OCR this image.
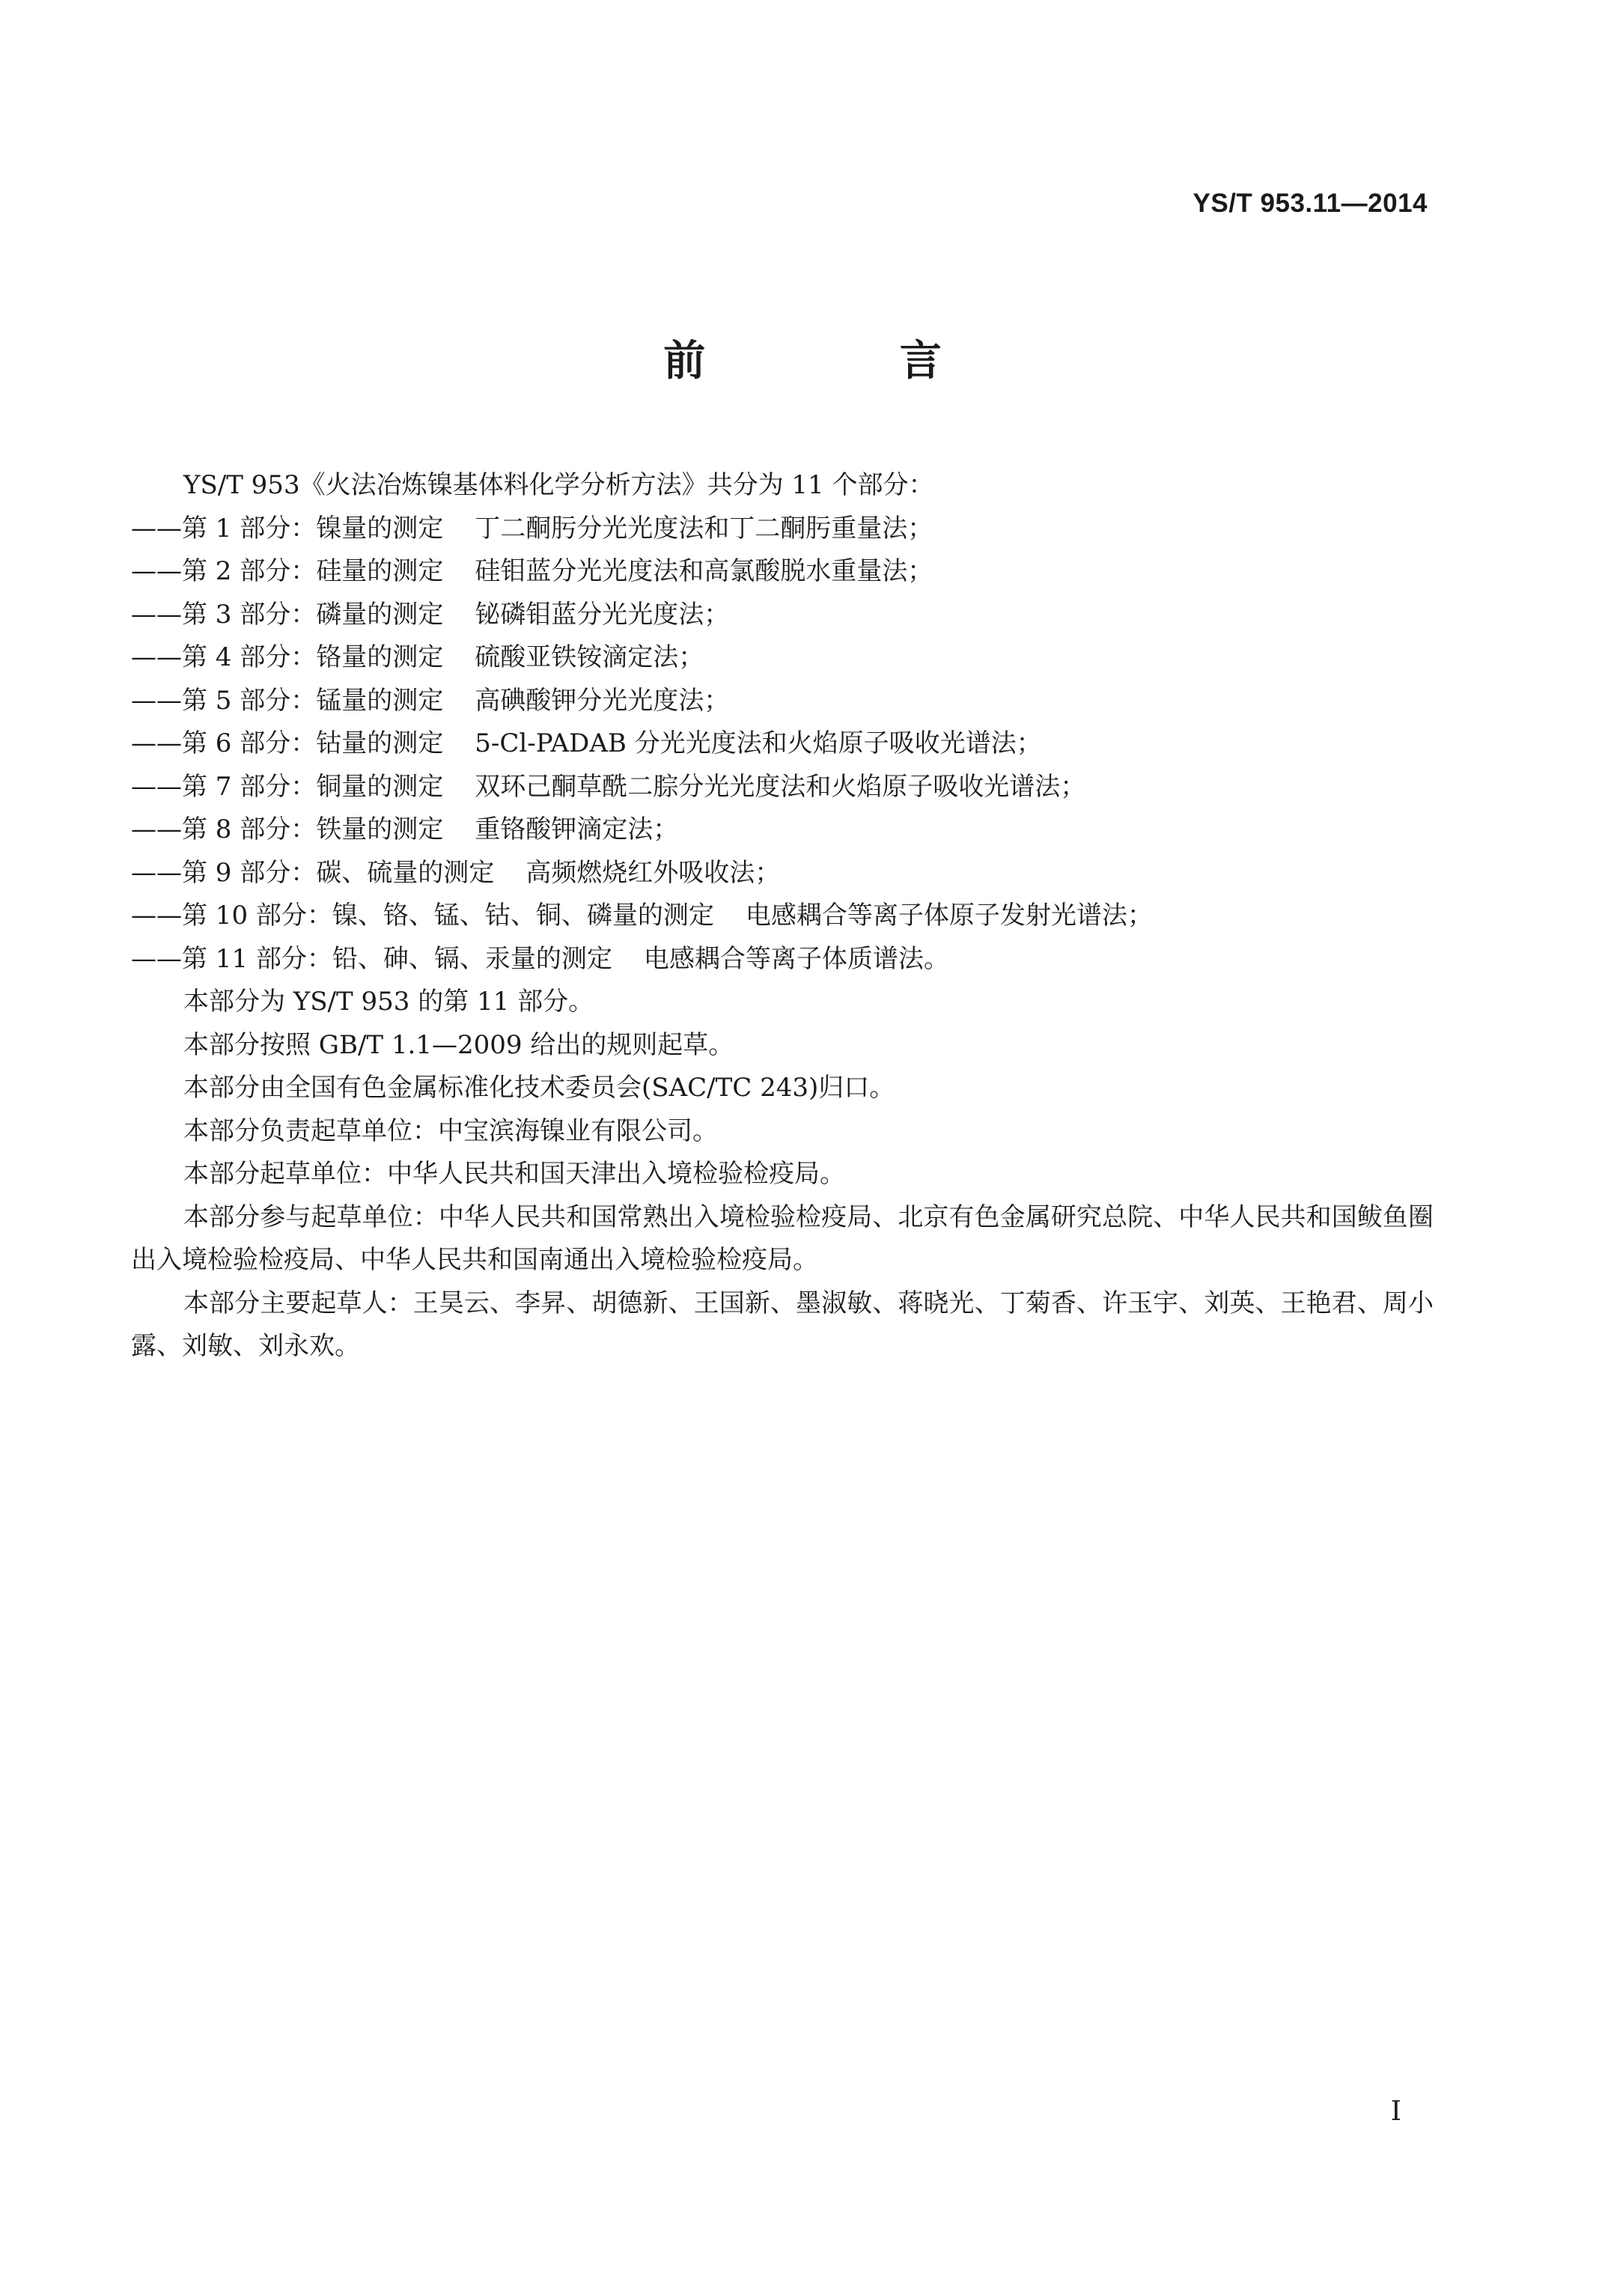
YS/T 953.11—2014
前 言
YS/T 953《火法冶炼镍基体料化学分析方法》共分为 11 个部分：
——第 1 部分：镍量的测定 丁二酮肟分光光度法和丁二酮肟重量法；
——第 2 部分：硅量的测定 硅钼蓝分光光度法和高氯酸脱水重量法；
——第 3 部分：磷量的测定 铋磷钼蓝分光光度法；
——第 4 部分：铬量的测定 硫酸亚铁铵滴定法；
——第 5 部分：锰量的测定 高碘酸钾分光光度法；
——第 6 部分：钴量的测定 5-Cl-PADAB 分光光度法和火焰原子吸收光谱法；
——第 7 部分：铜量的测定 双环己酮草酰二腙分光光度法和火焰原子吸收光谱法；
——第 8 部分：铁量的测定 重铬酸钾滴定法；
——第 9 部分：碳、硫量的测定 高频燃烧红外吸收法；
——第 10 部分：镍、铬、锰、钴、铜、磷量的测定 电感耦合等离子体原子发射光谱法；
——第 11 部分：铅、砷、镉、汞量的测定 电感耦合等离子体质谱法。
本部分为 YS/T 953 的第 11 部分。
本部分按照 GB/T 1.1—2009 给出的规则起草。
本部分由全国有色金属标准化技术委员会(SAC/TC 243)归口。
本部分负责起草单位：中宝滨海镍业有限公司。
本部分起草单位：中华人民共和国天津出入境检验检疫局。
本部分参与起草单位：中华人民共和国常熟出入境检验检疫局、北京有色金属研究总院、中华人民共和国鲅鱼圈出入境检验检疫局、中华人民共和国南通出入境检验检疫局。
本部分主要起草人：王昊云、李昇、胡德新、王国新、墨淑敏、蒋晓光、丁菊香、许玉宇、刘英、王艳君、周小露、刘敏、刘永欢。
I
